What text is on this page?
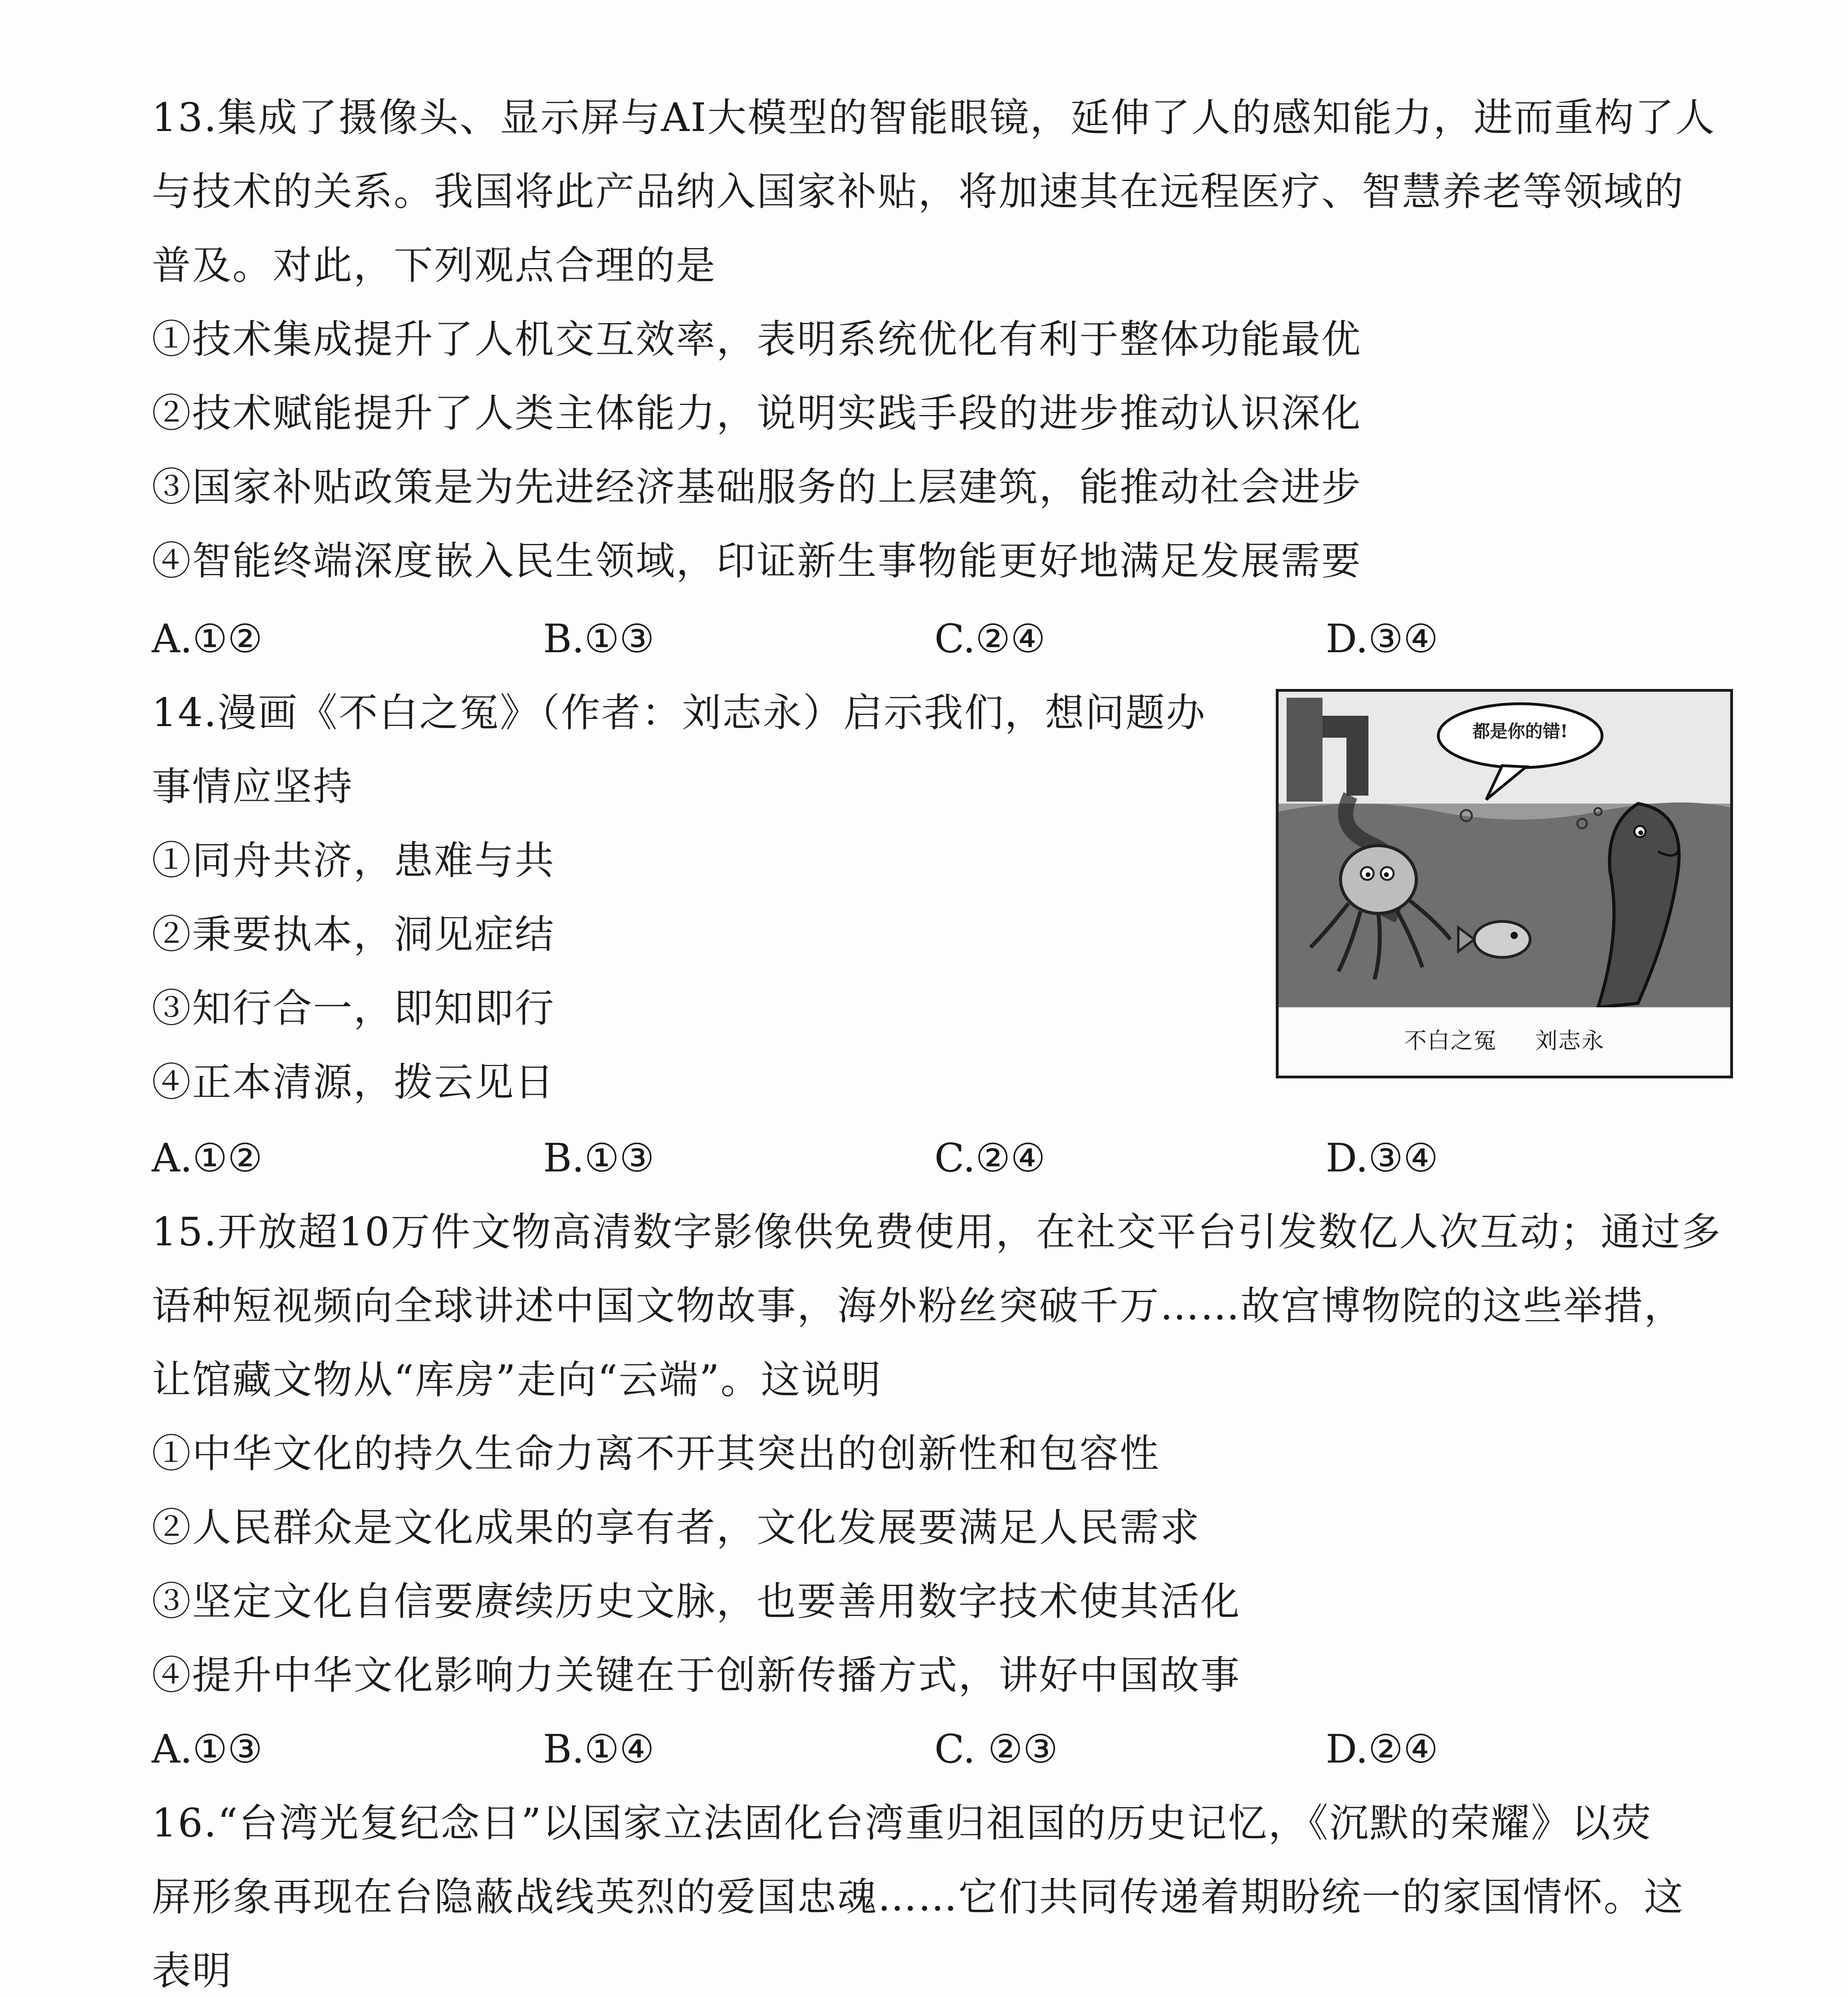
13.集成了摄像头、显示屏与AI大模型的智能眼镜，延伸了人的感知能力，进而重构了人
与技术的关系。我国将此产品纳入国家补贴，将加速其在远程医疗、智慧养老等领域的
普及。对此，下列观点合理的是
①技术集成提升了人机交互效率，表明系统优化有利于整体功能最优
②技术赋能提升了人类主体能力，说明实践手段的进步推动认识深化
③国家补贴政策是为先进经济基础服务的上层建筑，能推动社会进步
④智能终端深度嵌入民生领域，印证新生事物能更好地满足发展需要
A.①②	B.①③	C.②④	D.③④
14.漫画《不白之冤》（作者：刘志永）启示我们，想问题办
事情应坚持
①同舟共济，患难与共
②秉要执本，洞见症结
③知行合一，即知即行
④正本清源，拨云见日
A.①②	B.①③	C.②④	D.③④
都是你的错!
不白之冤 刘志永
15.开放超10万件文物高清数字影像供免费使用，在社交平台引发数亿人次互动；通过多
语种短视频向全球讲述中国文物故事，海外粉丝突破千万……故宫博物院的这些举措，
让馆藏文物从“库房”走向“云端”。这说明
①中华文化的持久生命力离不开其突出的创新性和包容性
②人民群众是文化成果的享有者，文化发展要满足人民需求
③坚定文化自信要赓续历史文脉，也要善用数字技术使其活化
④提升中华文化影响力关键在于创新传播方式，讲好中国故事
A.①③	B.①④	C. ②③	D.②④
16.“台湾光复纪念日”以国家立法固化台湾重归祖国的历史记忆，《沉默的荣耀》以荧
屏形象再现在台隐蔽战线英烈的爱国忠魂……它们共同传递着期盼统一的家国情怀。这
表明
